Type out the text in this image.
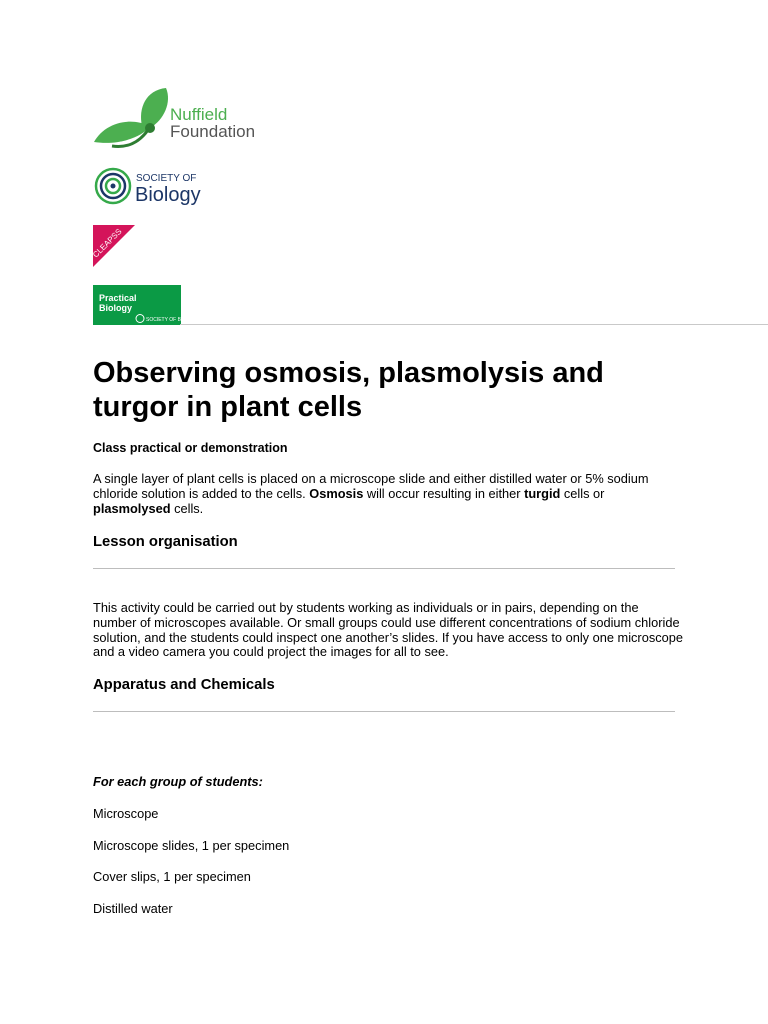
Nuffield
Foundation
SOCIETY OF
Biology
CLEAPSS
Practical
Biology
SOCIETY OF Biology
Observing osmosis, plasmolysis and turgor in plant cells
Class practical or demonstration

A single layer of plant cells is placed on a microscope slide and either distilled water or 5% sodium chloride solution is added to the cells. Osmosis will occur resulting in either turgid cells or plasmolysed cells.

Lesson organisation

This activity could be carried out by students working as individuals or in pairs, depending on the number of microscopes available. Or small groups could use different concentrations of sodium chloride solution, and the students could inspect one another’s slides. If you have access to only one microscope and a video camera you could project the images for all to see.

Apparatus and Chemicals
For each group of students:
Microscope
Microscope slides, 1 per specimen
Cover slips, 1 per specimen
Distilled water
